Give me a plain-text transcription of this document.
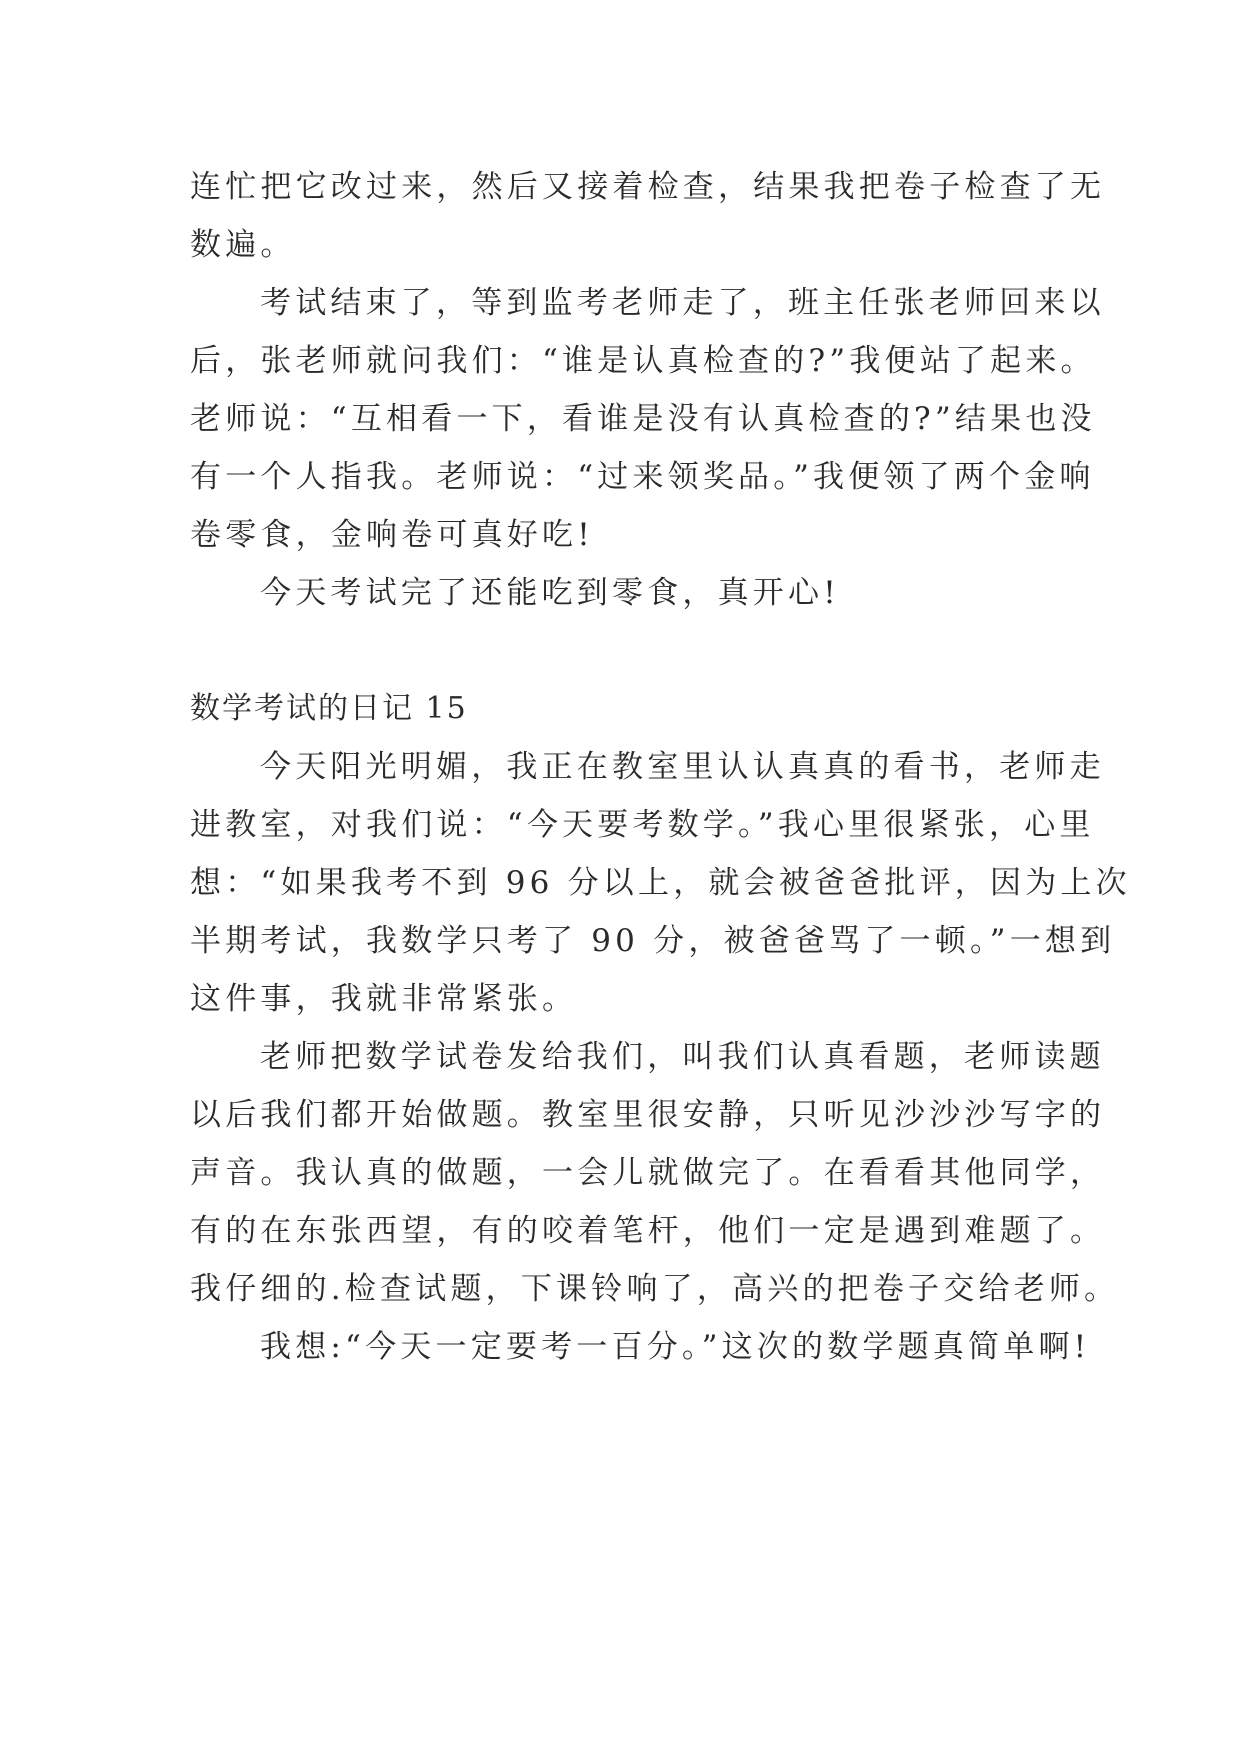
连忙把它改过来，然后又接着检查，结果我把卷子检查了无
数遍。
考试结束了，等到监考老师走了，班主任张老师回来以
后，张老师就问我们：“谁是认真检查的?”我便站了起来。
老师说：“互相看一下，看谁是没有认真检查的?”结果也没
有一个人指我。老师说：“过来领奖品。”我便领了两个金响
卷零食，金响卷可真好吃!
今天考试完了还能吃到零食，真开心!
数学考试的日记 15
今天阳光明媚，我正在教室里认认真真的看书，老师走
进教室，对我们说：“今天要考数学。”我心里很紧张，心里
想：“如果我考不到 96 分以上，就会被爸爸批评，因为上次
半期考试，我数学只考了 90 分，被爸爸骂了一顿。”一想到
这件事，我就非常紧张。
老师把数学试卷发给我们，叫我们认真看题，老师读题
以后我们都开始做题。教室里很安静，只听见沙沙沙写字的
声音。我认真的做题，一会儿就做完了。在看看其他同学，
有的在东张西望，有的咬着笔杆，他们一定是遇到难题了。
我仔细的.检查试题，下课铃响了，高兴的把卷子交给老师。
我想:“今天一定要考一百分。”这次的数学题真简单啊!
